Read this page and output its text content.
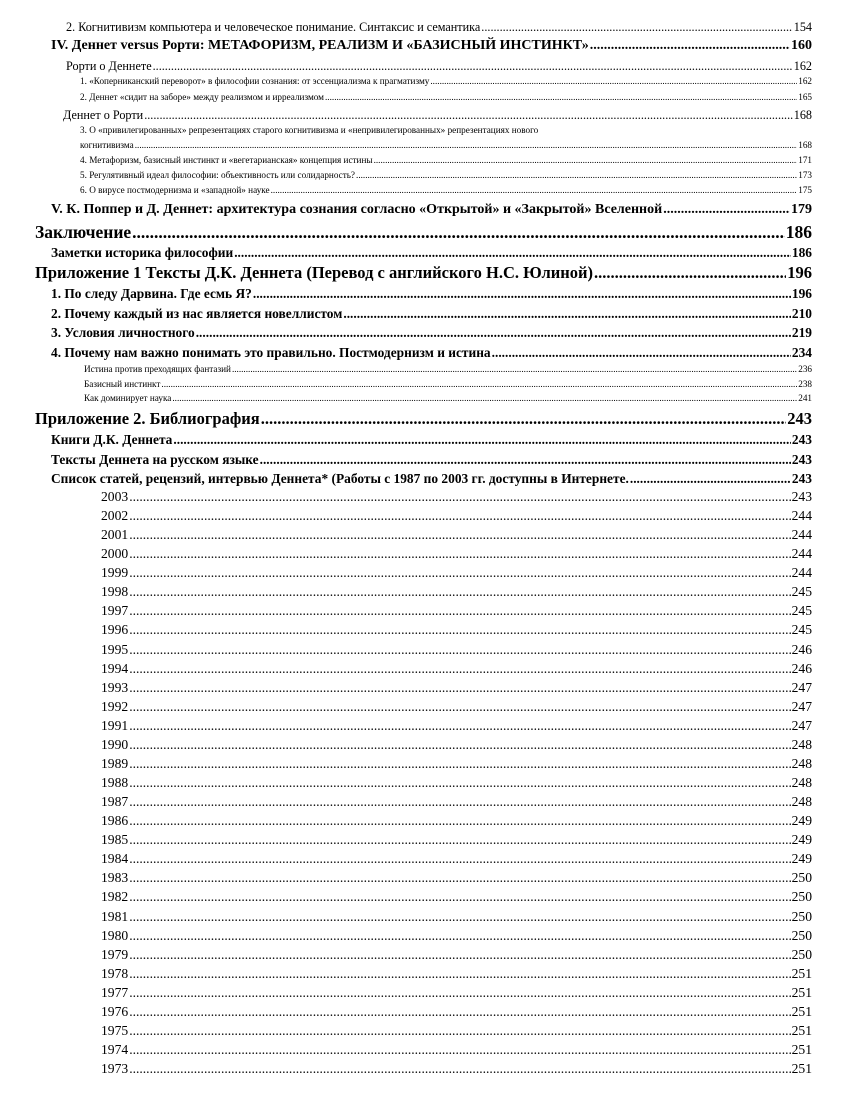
2. Когнитивизм компьютера и человеческое понимание. Синтаксис и семантика .....	154
IV. Деннет versus Рорти: МЕТАФОРИЗМ, РЕАЛИЗМ И «БАЗИСНЫЙ ИНСТИНКТ» .....	160
Рорти о Деннете .....	162
1. «Коперниканский переворот» в философии сознания: от эссенциализма к прагматизму .....	162
2. Деннет «сидит на заборе» между реализмом и ирреализмом .....	165
Деннет о Рорти .....	168
3. О «привилегированных» репрезентациях старого когнитивизма и «непривилегированных» репрезентациях нового
когнитивизма .....	168
4. Метафоризм, базисный инстинкт и «вегетарианская» концепция истины .....	171
5. Регулятивный идеал философии: объективность или солидарность? .....	173
6. О вирусе постмодернизма и «западной» науке .....	175
V. К. Поппер и Д. Деннет: архитектура сознания согласно «Открытой» и «Закрытой» Вселенной .....	179
Заключение .....	186
Заметки историка философии .....	186
Приложение 1 Тексты Д.К. Деннета (Перевод с английского Н.С. Юлиной) .....	196
1. По следу Дарвина. Где есмь Я? .....	196
2. Почему каждый из нас является новеллистом .....	210
3. Условия личностного .....	219
4. Почему нам важно понимать это правильно. Постмодернизм и истина .....	234
Истина против преходящих фантазий .....	236
Базисный инстинкт .....	238
Как доминирует наука .....	241
Приложение 2. Библиография .....	243
Книги Д.К. Деннета .....	243
Тексты Деннета на русском языке .....	243
Список статей, рецензий, интервью Деннета* (Работы с 1987 по 2003 гг. доступны в Интернете. .....	243
2003 .....	243
2002 .....	244
2001 .....	244
2000 .....	244
1999 .....	244
1998 .....	245
1997 .....	245
1996 .....	245
1995 .....	246
1994 .....	246
1993 .....	247
1992 .....	247
1991 .....	247
1990 .....	248
1989 .....	248
1988 .....	248
1987 .....	248
1986 .....	249
1985 .....	249
1984 .....	249
1983 .....	250
1982 .....	250
1981 .....	250
1980 .....	250
1979 .....	250
1978 .....	251
1977 .....	251
1976 .....	251
1975 .....	251
1974 .....	251
1973 .....	251
